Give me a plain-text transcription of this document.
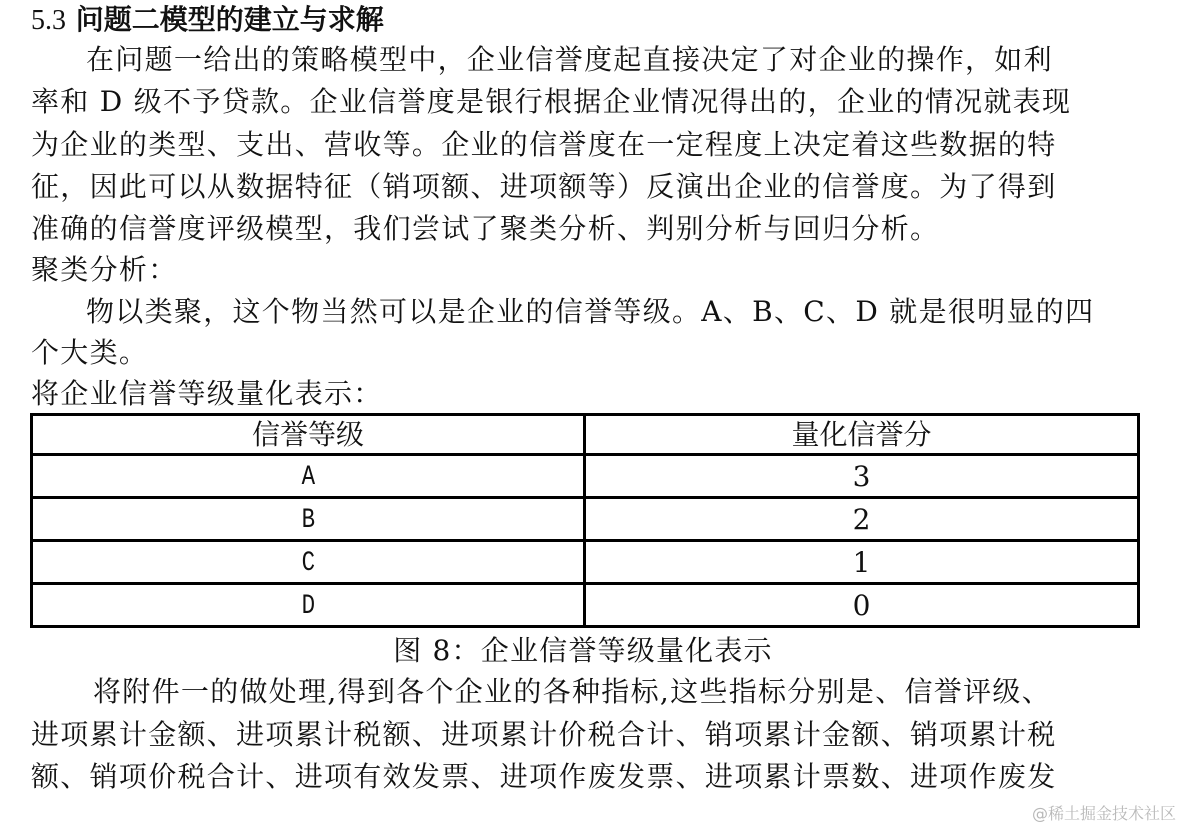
5.3 问题二模型的建立与求解
在问题一给出的策略模型中，企业信誉度起直接决定了对企业的操作，如利
率和 D 级不予贷款。企业信誉度是银行根据企业情况得出的，企业的情况就表现
为企业的类型、支出、营收等。企业的信誉度在一定程度上决定着这些数据的特
征，因此可以从数据特征（销项额、进项额等）反演出企业的信誉度。为了得到
准确的信誉度评级模型，我们尝试了聚类分析、判别分析与回归分析。
聚类分析：
物以类聚，这个物当然可以是企业的信誉等级。A、B、C、D 就是很明显的四
个大类。
将企业信誉等级量化表示：
信誉等级	量化信誉分
A	3
B	2
C	1
D	0
图 8：企业信誉等级量化表示
将附件一的做处理,得到各个企业的各种指标,这些指标分别是、信誉评级、
进项累计金额、进项累计税额、进项累计价税合计、销项累计金额、销项累计税
额、销项价税合计、进项有效发票、进项作废发票、进项累计票数、进项作废发
@稀土掘金技术社区
